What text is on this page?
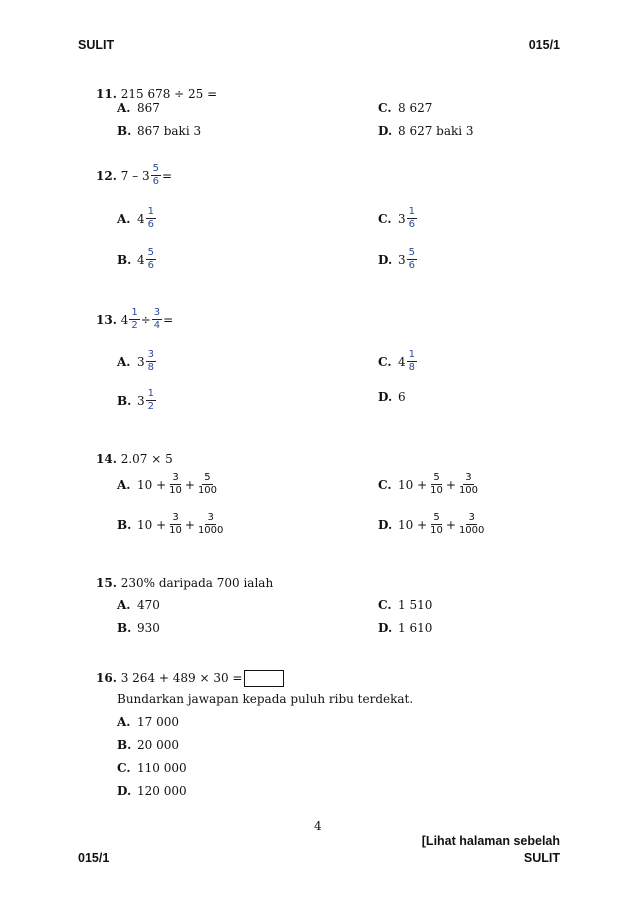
SULIT	015/1
11. 215 678 ÷ 25 =
A. 867	C. 8 627
B. 867 baki 3	D. 8 627 baki 3
12.
$7 - 3 \frac{5}{6}$ =
A. $4 \frac{1}{6}$	C. $3 \frac{1}{6}$
B. $4 \frac{5}{6}$	D. $3 \frac{5}{6}$
13.
$4 \frac{1}{2} \div \frac{3}{4}$ =
A. $3 \frac{3}{8}$	C. $4 \frac{1}{8}$
B. $3 \frac{1}{2}$	D. 6
14. 2.07 × 5
A. $10 + \frac{3}{10} + \frac{5}{100}$	C. $10 + \frac{5}{10} + \frac{3}{100}$
B. $10 + \frac{3}{10} + \frac{3}{1000}$	D. $10 + \frac{5}{10} + \frac{3}{1000}$
15. 230% daripada 700 ialah
A. 470	C. 1 510
B. 930	D. 1 610
16. 3 264 + 489 × 30 =
Bundarkan jawapan kepada puluh ribu terdekat.
A. 17 000
B. 20 000
C. 110 000
D. 120 000
4
[Lihat halaman sebelah
015/1	SULIT
